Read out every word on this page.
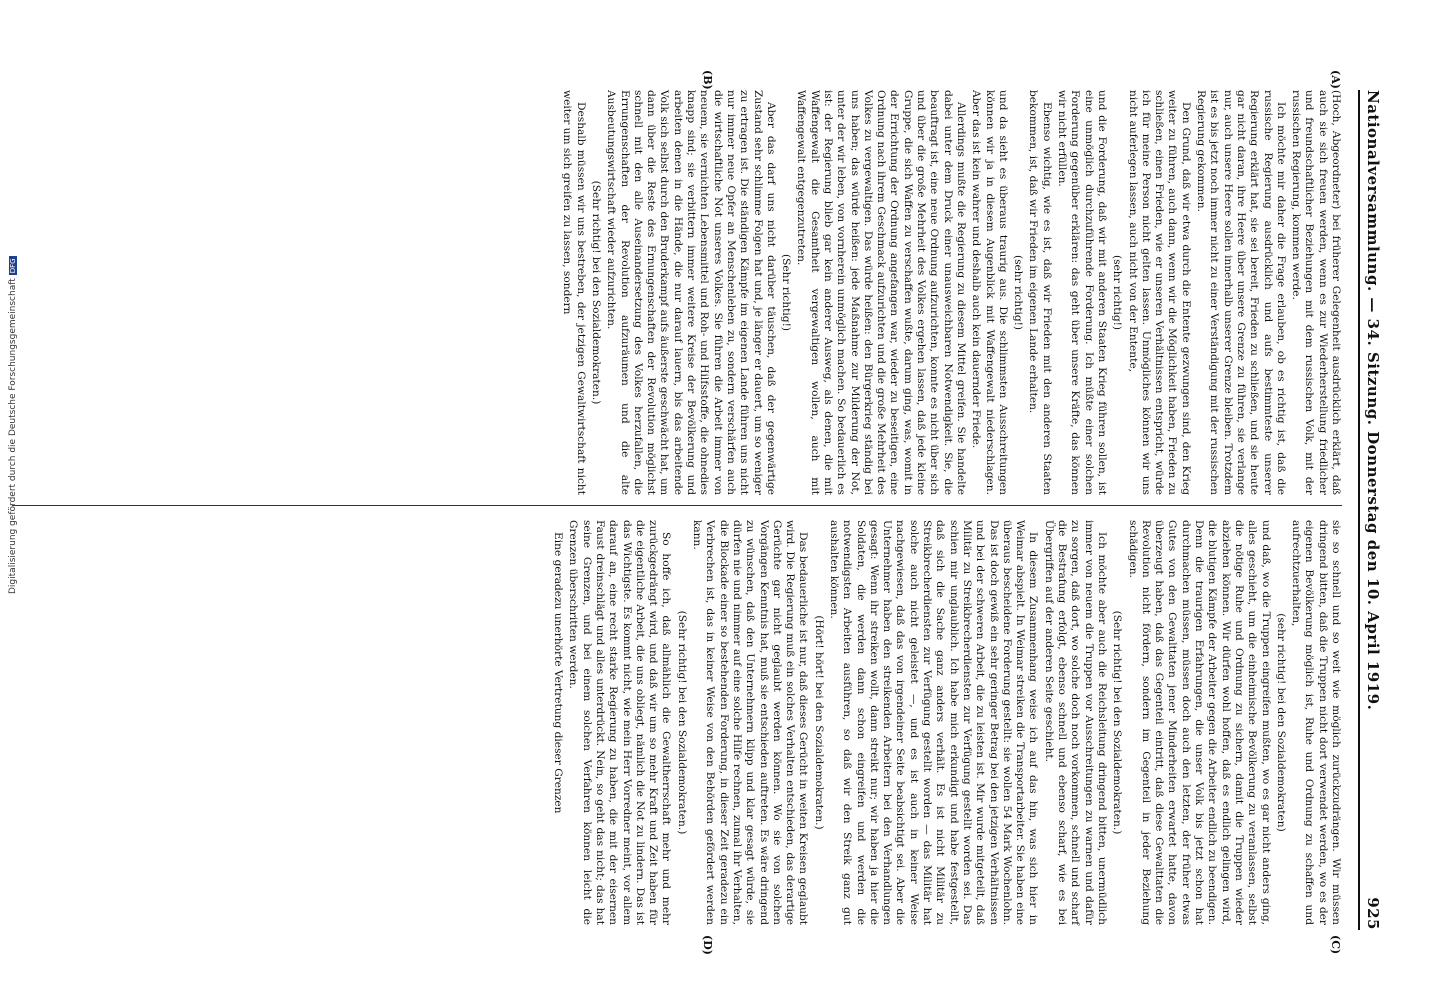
Nationalversammlung. — 34. Sitzung. Donnerstag den 10. April 1919.
925
(A)
(B)
(C)
(D)

(Hoch, Abgeordneter) bei früherer Gelegenheit ausdrücklich erklärt, daß auch sie sich freuen werden, wenn es zur Wiederherstellung friedlicher und freundschaftlicher Beziehungen mit dem russischen Volk, mit der russischen Regierung, kommen werde.

Ich möchte mir daher die Frage erlauben, ob es richtig ist, daß die russische Regierung ausdrücklich und aufs bestimmteste unserer Regierung erklärt hat, sie sei bereit, Frieden zu schließen, und sie heute gar nicht daran, ihre Heere über unsere Grenze zu führen, sie verlange nur, auch unsere Heere sollen innerhalb unserer Grenze bleiben. Trotzdem ist es bis jetzt noch immer nicht zu einer Verständigung mit der russischen Regierung gekommen.

Den Grund, daß wir etwa durch die Entente gezwungen sind, den Krieg weiter zu führen, auch dann, wenn wir die Möglichkeit haben, Frieden zu schließen, einen Frieden, wie er unseren Verhältnissen entspricht, würde ich für meine Person nicht gelten lassen. Unmögliches können wir uns nicht auferlegen lassen, auch nicht von der Entente,

(sehr richtig!)

und die Forderung, daß wir mit anderen Staaten Krieg führen sollen, ist eine unmöglich durchzuführende Forderung. Ich müßte einer solchen Forderung gegenüber erklären: das geht über unsere Kräfte, das können wir nicht erfüllen.

Ebenso wichtig, wie es ist, daß wir Frieden mit den anderen Staaten bekommen, ist, daß wir Frieden im eigenen Lande erhalten.

(sehr richtig!)

und da sieht es überaus traurig aus. Die schlimmsten Ausschreitungen können wir ja in diesem Augenblick mit Waffengewalt niederschlagen. Aber das ist kein wahrer und deshalb auch kein dauernder Friede.

Allerdings mußte die Regierung zu diesem Mittel greifen. Sie handelte dabei unter dem Druck einer unausweichbaren Notwendigkeit. Sie, die beauftragt ist, eine neue Ordnung aufzurichten, konnte es nicht über sich und über die große Mehrheit des Volkes ergehen lassen, daß jede kleine Gruppe, die sich Waffen zu verschaffen wußte, darum ging, was, womit in der Errichtung der Ordnung angefangen war, wieder zu beseitigen, eine Ordnung nach ihrem Geschmack aufzurichten und die große Mehrheit des Volkes zu vergewaltigen. Das würde heißen: den Bürgerkrieg ständig bei uns haben; das würde heißen: jede Maßnahme zur Milderung der Not, unter der wir leben, von vornherein unmöglich machen. So bedauerlich es ist: der Regierung blieb gar kein anderer Ausweg, als denen, die mit Waffengewalt die Gesamtheit vergewaltigen wollen, auch mit Waffengewalt entgegenzutreten.

(Sehr richtig!)

Aber das darf uns nicht darüber täuschen, daß der gegenwärtige Zustand sehr schlimme Folgen hat und, je länger er dauert, um so weniger zu ertragen ist. Die ständigen Kämpfe im eigenen Lande führen uns nicht nur immer neue Opfer an Menschenleben zu, sondern verschärfen auch die wirtschaftliche Not unseres Volkes. Sie führen die Arbeit immer von neuem, sie vernichten Lebensmittel und Roh- und Hilfsstoffe, die ohnedies knapp sind; sie verbittern immer weitere Kreise der Bevölkerung und arbeiten denen in die Hände, die nur darauf lauern, bis das arbeitende Volk sich selbst durch den Bruderkampf aufs äußerste geschwächt hat, um dann über die Reste des Ernungenschaften der Revolution möglichst schnell mit den alle Auseinandersetzung des Volkes herzufallen, die Errungenschaften der Revolution aufzuräumen und die alte Ausbeutungswirtschaft wieder aufzurichten.

(Sehr richtig! bei den Sozialdemokraten.)

Deshalb müssen wir uns bestreben, der jetzigen Gewaltwirtschaft nicht weiter um sich greifen zu lassen, sondern

sie so schnell und so weit wie möglich zurückzudrängen. Wir müssen dringend bitten, daß die Truppen nicht dort verwendet werden, wo es der eigenen Bevölkerung möglich ist, Ruhe und Ordnung zu schaffen und aufrechtzuerhalten,

(sehr richtig! bei den Sozialdemokraten)

und daß, wo die Truppen eingreifen mußten, wo es gar nicht anders ging, alles geschieht, um die einheimische Bevölkerung zu veranlassen, selbst die nötige Ruhe und Ordnung zu sichern, damit die Truppen wieder abziehen können. Wir dürfen wohl hoffen, daß es endlich gelingen wird, die blutigen Kämpfe der Arbeiter gegen die Arbeiter endlich zu beendigen. Denn die traurigen Erfahrungen, die unser Volk bis jetzt schon hat durchmachen müssen, müssen doch auch den letzten, der früher etwas Gutes von den Gewalttaten jener Minderheiten erwartet hatte, davon überzeugt haben, daß das Gegenteil eintritt, daß diese Gewalttaten die Revolution nicht fördern, sondern im Gegenteil in jeder Beziehung schädigen.

(Sehr richtig! bei den Sozialdemokraten.)

Ich möchte aber auch die Reichsleitung dringend bitten, unermüdlich immer von neuem die Truppen vor Ausschreitungen zu warnen und dafür zu sorgen, daß dort, wo solche doch noch vorkommen, schnell und scharf die Bestrafung erfolgt, ebenso schnell und ebenso scharf, wie es bei Übergriffen auf der anderen Seite geschieht.

In diesem Zusammenhang weise ich auf das hin, was sich hier in Weimar abspielt. In Weimar streiken die Transportarbeiter. Sie haben eine überaus bescheidene Forderung gestellt: sie wollen 54 Mark Wochenlohn. Das ist doch gewiß ein sehr geringer Betrag bei den jetzigen Verhältnissen und bei der schweren Arbeit, die zu leisten ist. Mir wurde mitgeteilt, daß Militär zu Streikbrecherdiensten zur Verfügung gestellt worden sei. Das schien mir unglaublich. Ich habe mich erkundigt und habe festgestellt, daß sich die Sache ganz anders verhält. Es ist nicht Militär zu Streikbrecherdiensten zur Verfügung gestellt worden — das Militär hat solche auch nicht geleistet —, und es ist auch in keiner Weise nachgewiesen, daß das von irgendeiner Seite beabsichtigt sei. Aber die Unternehmer haben den streikenden Arbeitern bei den Verhandlungen gesagt: Wenn ihr streiken wollt, dann streikt nur; wir haben ja hier die Soldaten, die werden dann schon eingreifen und werden die notwendigsten Arbeiten ausführen, so daß wir den Streik ganz gut aushalten können.

(Hört! hört! bei den Sozialdemokraten.)

Das bedauerliche ist nur, daß dieses Gerücht in weiten Kreisen geglaubt wird. Die Regierung muß ein solches Verhalten entschieden, das derartige Gerüchte gar nicht geglaubt werden können. Wo sie von solchen Vorgängen Kenntnis hat, muß sie entschieden auftreten. Es wäre dringend zu wünschen, daß den Unternehmern klipp und klar gesagt würde, sie dürfen nie und nimmer auf eine solche Hilfe rechnen, zumal ihr Verhalten, die Blockade einer so bestehenden Forderung, in dieser Zeit geradezu ein Verbrechen ist, das in keiner Weise von den Behörden gefördert werden kann.

(Sehr richtig! bei den Sozialdemokraten.)

So hoffe ich, daß allmählich die Gewaltherrschaft mehr und mehr zurückgedrängt wird, und daß wir um so mehr Kraft und Zeit haben für die eigentliche Arbeit, die uns obliegt, nämlich die Not zu lindern. Das ist das Wichtigste. Es kommt nicht, wie mein Herr Vorredner meint, vor allem darauf an, eine recht starke Regierung zu haben, die mit der eisernen Faust dreinschlägt und alles unterdrückt. Nein, so geht das nicht; das hat seine Grenzen, und bei einem solchen Verfahren können leicht die Grenzen überschritten werden.

Eine geradezu unerhörte Vertretung dieser Grenzen

Digitalisierung gefördert durch die Deutsche ForschungsgemeinschaftDFG
